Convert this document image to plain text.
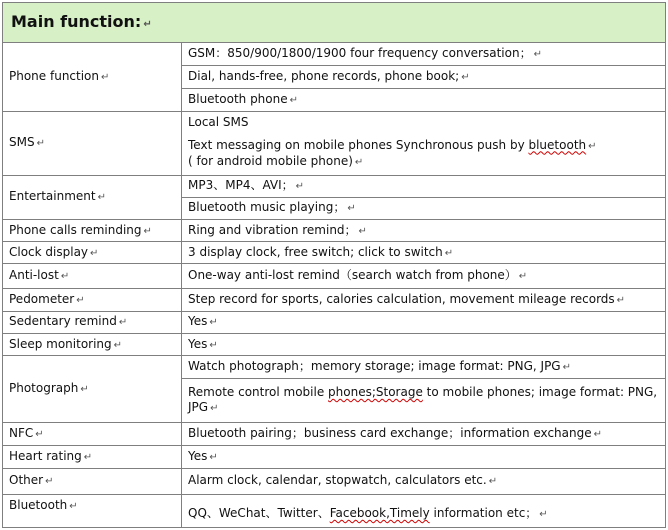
Main function: ↵	
Phone function ↵	GSM：850/900/1800/1900 four frequency conversation； ↵
	Dial, hands-free, phone records, phone book; ↵
	Bluetooth phone ↵
SMS ↵	Local SMS

	Text messaging on mobile phones Synchronous push by bluetooth ↵
( for android mobile phone) ↵

Entertainment ↵	MP3、MP4、AVI； ↵
	Bluetooth music playing； ↵
Phone calls reminding ↵	Ring and vibration remind； ↵
Clock display ↵	3 display clock, free switch; click to switch ↵
Anti-lost ↵	One-way anti-lost remind（search watch from phone） ↵
Pedometer ↵	Step record for sports, calories calculation, movement mileage records ↵
Sedentary remind ↵	Yes ↵
Sleep monitoring ↵	Yes ↵
Photograph ↵	Watch photograph；memory storage; image format: PNG, JPG ↵

	Remote control mobile phones;Storage to mobile phones; image format: PNG,
JPG ↵

NFC ↵	Bluetooth pairing；business card exchange；information exchange ↵
Heart rating ↵	Yes ↵
Other ↵	Alarm clock, calendar, stopwatch, calculators etc. ↵
Bluetooth ↵	QQ、WeChat、Twitter、Facebook,Timely information etc； ↵
